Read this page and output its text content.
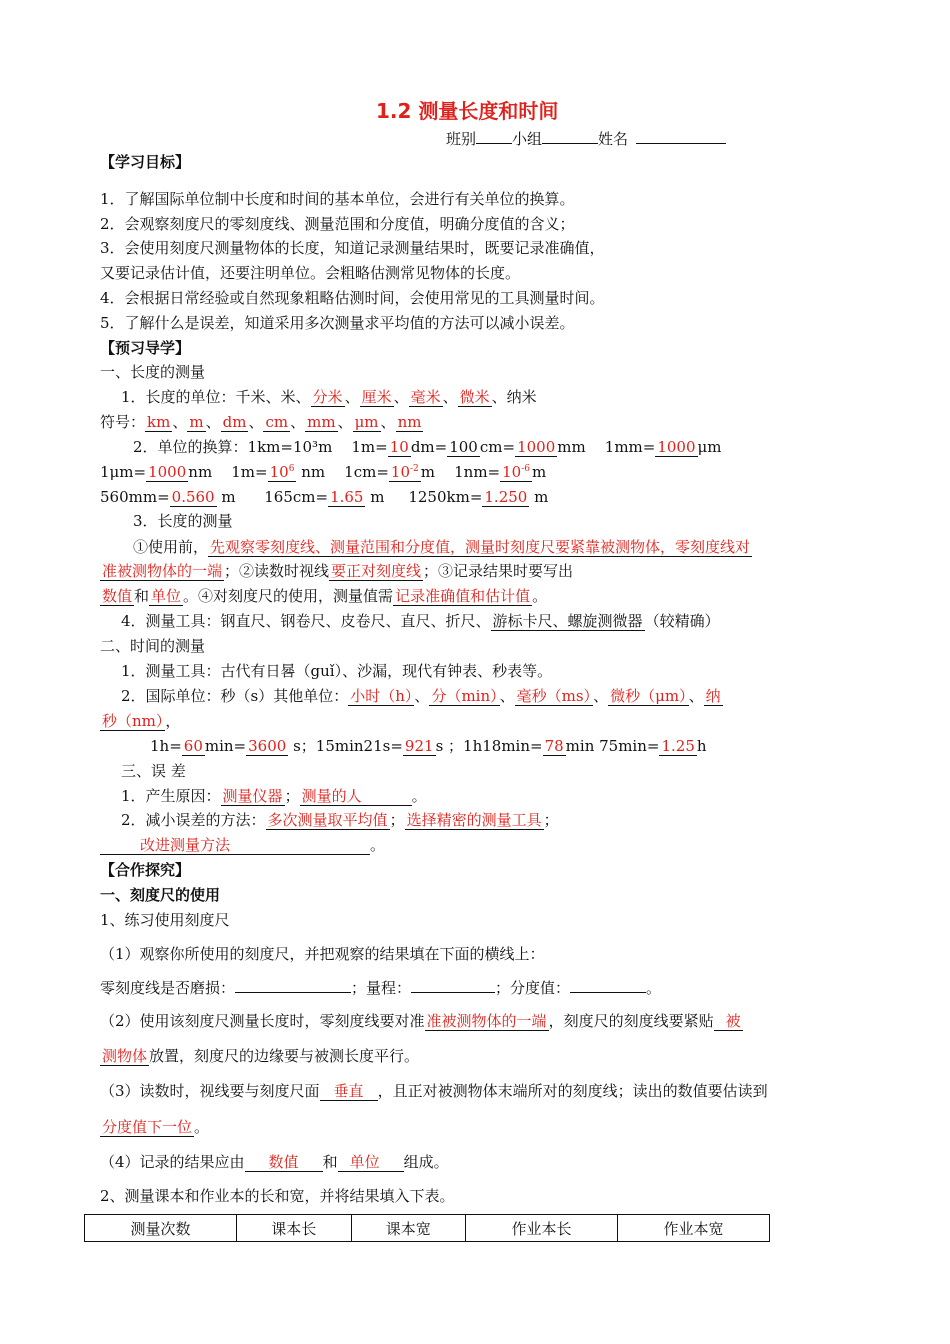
1.2 测量长度和时间
班别 小组	姓名
【学习目标】
1．了解国际单位制中长度和时间的基本单位，会进行有关单位的换算。
2．会观察刻度尺的零刻度线、测量范围和分度值，明确分度值的含义；
3．会使用刻度尺测量物体的长度，知道记录测量结果时，既要记录准确值，
又要记录估计值，还要注明单位。会粗略估测常见物体的长度。
4．会根据日常经验或自然现象粗略估测时间，会使用常见的工具测量时间。
5．了解什么是误差，知道采用多次测量求平均值的方法可以减小误差。
【预习导学】
一、长度的测量
1．长度的单位：千米、米、 分米 、 厘米 、 毫米 、 微米 、纳米
符号： km 、 m 、 dm 、 cm 、 mm 、 μm 、 nm
2．单位的换算：1km=10³m 1m= 10 dm= 100 cm= 1000 mm 1mm= 1000 μm
1μm= 1000 nm $1m= 10^6$ nm $1cm= 10^{-2}$ m $1nm= 10^{-6}$ m
560mm= 0.560 m 165cm= 1.65 m 1250km= 1.250 m
3．长度的测量
①使用前， 先观察零刻度线、测量范围和分度值，测量时刻度尺要紧靠被测物体，零刻度线对
准被测物体的一端 ；②读数时视线 要正对刻度线 ；③记录结果时要写出
数值 和 单位 。④对刻度尺的使用，测量值需 记录准确值和估计值 。
4．测量工具：钢直尺、钢卷尺、皮卷尺、直尺、折尺、 游标卡尺、螺旋测微器 （较精确）
二、时间的测量
1．测量工具：古代有日晷（guǐ）、沙漏，现代有钟表、秒表等。
2．国际单位：秒（s）其他单位： 小时（h） 、 分（min） 、 毫秒（ms） 、 微秒（μm） 、 纳
秒（nm） ，
1h= 60 min= 3600 s；15min21s= 921 s ；1h18min= 78 min 75min= 1.25 h
三、误 差
1．产生原因： 测量仪器 ； 测量的人	。
2．减小误差的方法： 多次测量取平均值 ； 选择精密的测量工具 ；
改进测量方法	。
【合作探究】
一、刻度尺的使用
1、练习使用刻度尺
（1）观察你所使用的刻度尺，并把观察的结果填在下面的横线上：
零刻度线是否磨损：	；量程：	；分度值：	。
（2）使用该刻度尺测量长度时，零刻度线要对准 准被测物体的一端 ，刻度尺的刻度线要紧贴 被
测物体 放置，刻度尺的边缘要与被测长度平行。
（3）读数时，视线要与刻度尺面 垂直 ，且正对被测物体末端所对的刻度线；读出的数值要估读到
分度值下一位 。
（4）记录的结果应由 数值 和 单位 组成。
2、测量课本和作业本的长和宽，并将结果填入下表。
测量次数	课本长	课本宽	作业本长	作业本宽
